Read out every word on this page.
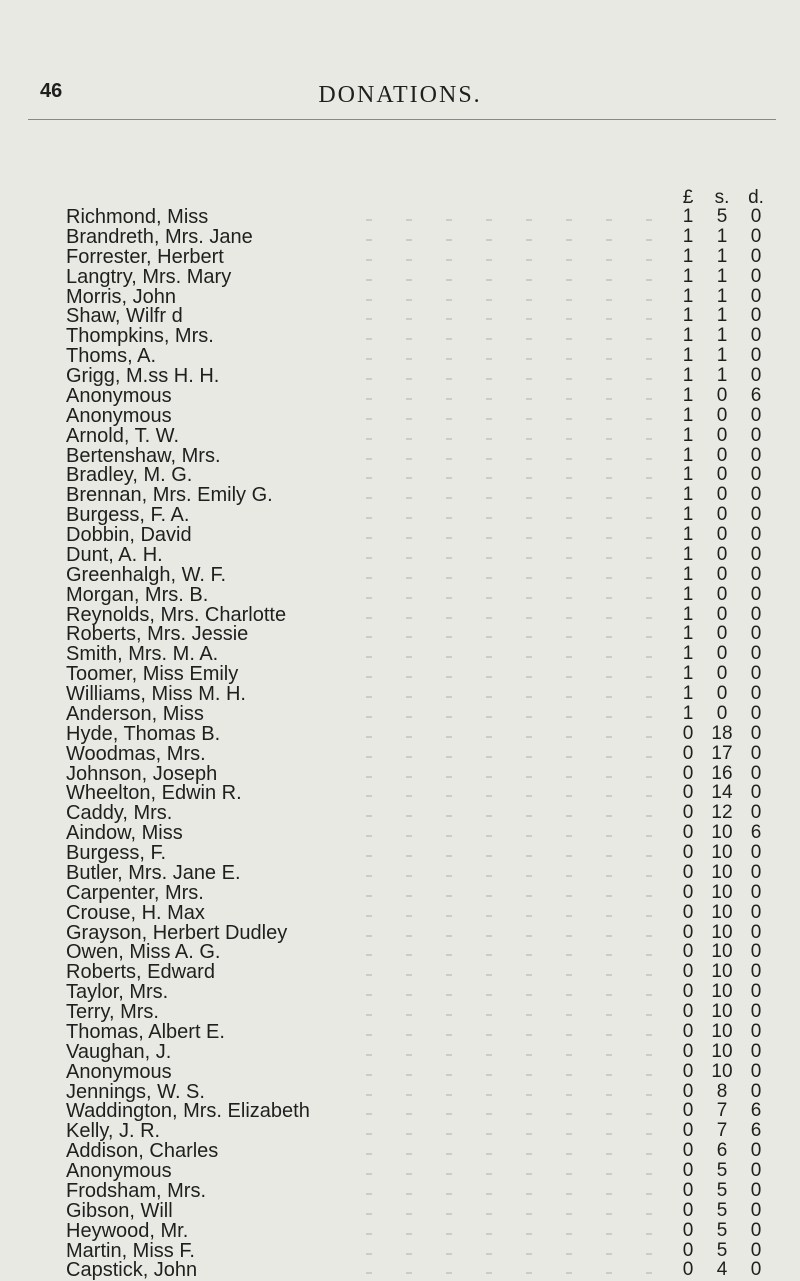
46	DONATIONS.
£	s. d.
Richmond, Miss	1	5	0
Brandreth, Mrs. Jane	1	1	0
Forrester, Herbert	1	1	0
Langtry, Mrs. Mary	1	1	0
Morris, John	1	1	0
Shaw, Wilfr d	1	1	0
Thompkins, Mrs.	1	1	0
Thoms, A.	1	1	0
Grigg, M.ss H. H.	1	1	0
Anonymous	1	0	6
Anonymous	1	0	0
Arnold, T. W.	1	0	0
Bertenshaw, Mrs.	1	0	0
Bradley, M. G.	1	0	0
Brennan, Mrs. Emily G.	1	0	0
Burgess, F. A.	1	0	0
Dobbin, David	1	0	0
Dunt, A. H.	1	0	0
Greenhalgh, W. F.	1	0	0
Morgan, Mrs. B.	1	0	0
Reynolds, Mrs. Charlotte	1	0	0
Roberts, Mrs. Jessie	1	0	0
Smith, Mrs. M. A.	1	0	0
Toomer, Miss Emily	1	0	0
Williams, Miss M. H.	1	0	0
Anderson, Miss	1	0	0
Hyde, Thomas B.	0 18 0
Woodmas, Mrs.	0 17 0
Johnson, Joseph	0 16 0
Wheelton, Edwin R.	0 14 0
Caddy, Mrs.	0 12 0
Aindow, Miss	0 10 6
Burgess, F.	0 10 0
Butler, Mrs. Jane E.	0 10 0
Carpenter, Mrs.	0 10 0
Crouse, H. Max	0 10 0
Grayson, Herbert Dudley	0 10 0
Owen, Miss A. G.	0 10 0
Roberts, Edward	0 10 0
Taylor, Mrs.	0 10 0
Terry, Mrs.	0 10 0
Thomas, Albert E.	0 10 0
Vaughan, J.	0 10 0
Anonymous	0 10 0
Jennings, W. S.	0	8	0
Waddington, Mrs. Elizabeth	0	7	6
Kelly, J. R.	0	7	6
Addison, Charles	0	6	0
Anonymous	0	5	0
Frodsham, Mrs.	0	5	0
Gibson, Will	0	5	0
Heywood, Mr.	0	5	0
Martin, Miss F.	0	5	0
Capstick, John	0	4	0
